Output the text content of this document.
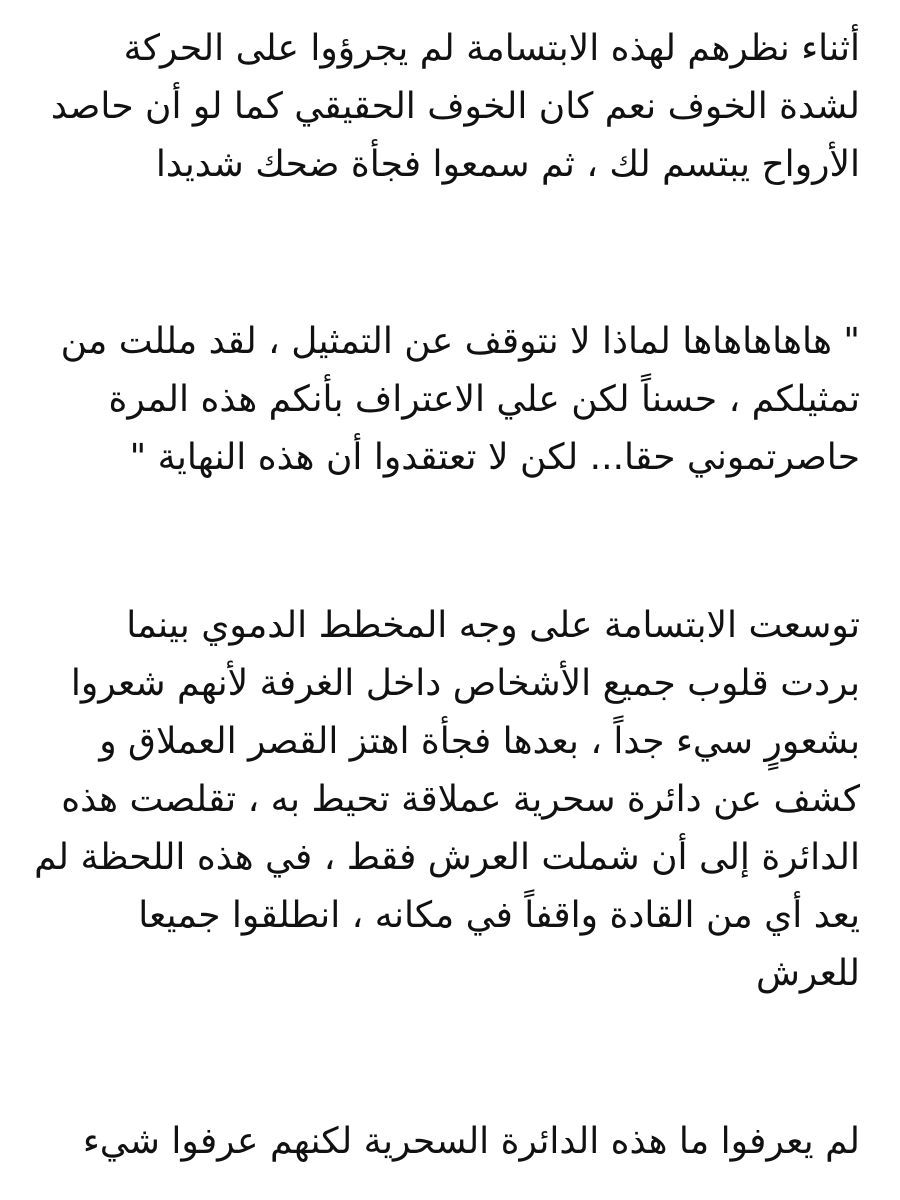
أثناء نظرهم لهذه الابتسامة لم يجرؤوا على الحركة
لشدة الخوف نعم كان الخوف الحقيقي كما لو أن حاصد
الأرواح يبتسم لك ، ثم سمعوا فجأة ضحك شديدا

" هاهاهاهاها لماذا لا نتوقف عن التمثيل ، لقد مللت من
تمثيلكم ، حسناً لكن علي الاعتراف بأنكم هذه المرة
حاصرتموني حقا... لكن لا تعتقدوا أن هذه النهاية "

توسعت الابتسامة على وجه المخطط الدموي بينما
بردت قلوب جميع الأشخاص داخل الغرفة لأنهم شعروا
بشعورٍ سيء جداً ، بعدها فجأة اهتز القصر العملاق و
كشف عن دائرة سحرية عملاقة تحيط به ، تقلصت هذه
الدائرة إلى أن شملت العرش فقط ، في هذه اللحظة لم
يعد أي من القادة واقفاً في مكانه ، انطلقوا جميعا
للعرش

لم يعرفوا ما هذه الدائرة السحرية لكنهم عرفوا شيء
